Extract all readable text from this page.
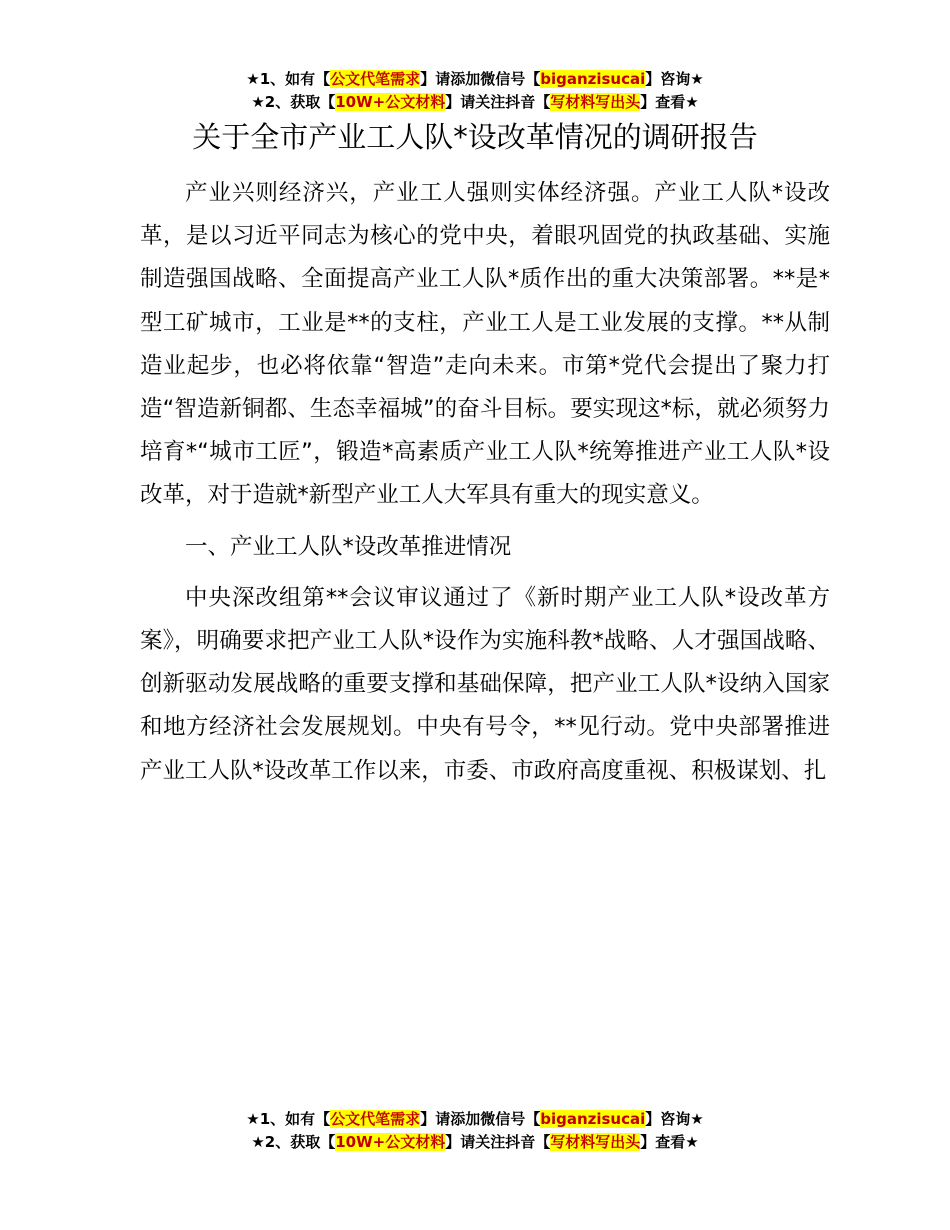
★1、如有【公文代笔需求】请添加微信号【biganzisucai】咨询★
★2、获取【10W+公文材料】请关注抖音【写材料写出头】查看★
关于全市产业工人队*设改革情况的调研报告

产业兴则经济兴，产业工人强则实体经济强。产业工人队*设改革，是以习近平同志为核心的党中央，着眼巩固党的执政基础、实施制造强国战略、全面提高产业工人队*质作出的重大决策部署。**是*型工矿城市，工业是**的支柱，产业工人是工业发展的支撑。**从制造业起步，也必将依靠“智造”走向未来。市第*党代会提出了聚力打造“智造新铜都、生态幸福城”的奋斗目标。要实现这*标，就必须努力培育*“城市工匠”，锻造*高素质产业工人队*统筹推进产业工人队*设改革，对于造就*新型产业工人大军具有重大的现实意义。

一、产业工人队*设改革推进情况

中央深改组第**会议审议通过了《新时期产业工人队*设改革方案》，明确要求把产业工人队*设作为实施科教*战略、人才强国战略、创新驱动发展战略的重要支撑和基础保障，把产业工人队*设纳入国家和地方经济社会发展规划。中央有号令，**见行动。党中央部署推进产业工人队*设改革工作以来，市委、市政府高度重视、积极谋划、扎

★1、如有【公文代笔需求】请添加微信号【biganzisucai】咨询★
★2、获取【10W+公文材料】请关注抖音【写材料写出头】查看★
